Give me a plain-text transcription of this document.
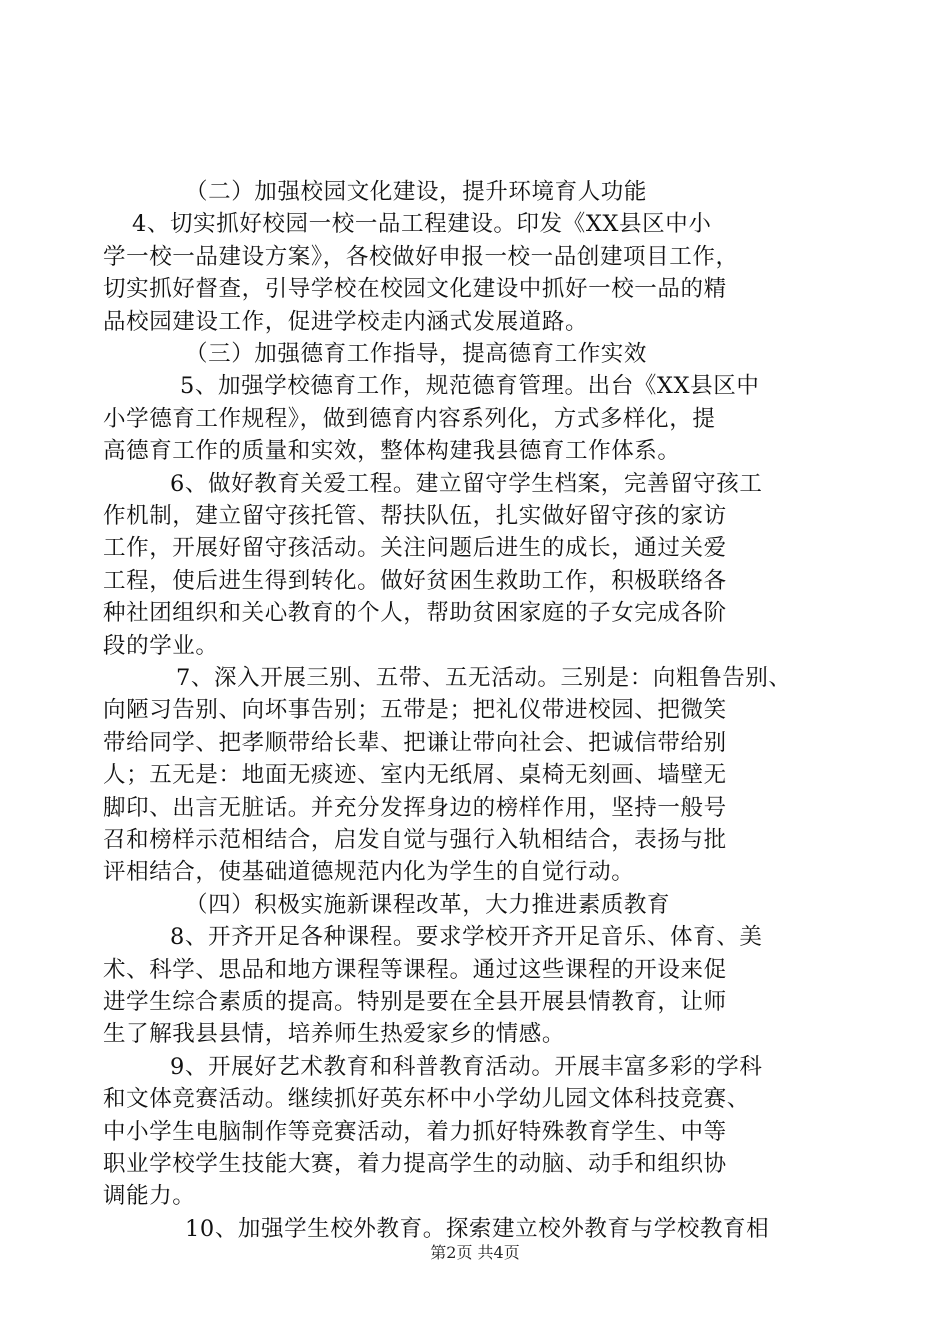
（二）加强校园文化建设，提升环境育人功能
4、切实抓好校园一校一品工程建设。印发《XX县区中小
学一校一品建设方案》，各校做好申报一校一品创建项目工作，
切实抓好督查，引导学校在校园文化建设中抓好一校一品的精
品校园建设工作，促进学校走内涵式发展道路。
（三）加强德育工作指导，提高德育工作实效
5、加强学校德育工作，规范德育管理。出台《XX县区中
小学德育工作规程》，做到德育内容系列化，方式多样化，提
高德育工作的质量和实效，整体构建我县德育工作体系。
6、做好教育关爱工程。建立留守学生档案，完善留守孩工
作机制，建立留守孩托管、帮扶队伍，扎实做好留守孩的家访
工作，开展好留守孩活动。关注问题后进生的成长，通过关爱
工程，使后进生得到转化。做好贫困生救助工作，积极联络各
种社团组织和关心教育的个人，帮助贫困家庭的子女完成各阶
段的学业。
7、深入开展三别、五带、五无活动。三别是：向粗鲁告别、
向陋习告别、向坏事告别；五带是；把礼仪带进校园、把微笑
带给同学、把孝顺带给长辈、把谦让带向社会、把诚信带给别
人；五无是：地面无痰迹、室内无纸屑、桌椅无刻画、墙壁无
脚印、出言无脏话。并充分发挥身边的榜样作用，坚持一般号
召和榜样示范相结合，启发自觉与强行入轨相结合，表扬与批
评相结合，使基础道德规范内化为学生的自觉行动。
（四）积极实施新课程改革，大力推进素质教育
8、开齐开足各种课程。要求学校开齐开足音乐、体育、美
术、科学、思品和地方课程等课程。通过这些课程的开设来促
进学生综合素质的提高。特别是要在全县开展县情教育，让师
生了解我县县情，培养师生热爱家乡的情感。
9、开展好艺术教育和科普教育活动。开展丰富多彩的学科
和文体竞赛活动。继续抓好英东杯中小学幼儿园文体科技竞赛、
中小学生电脑制作等竞赛活动，着力抓好特殊教育学生、中等
职业学校学生技能大赛，着力提高学生的动脑、动手和组织协
调能力。
10、加强学生校外教育。探索建立校外教育与学校教育相
第2页 共4页
